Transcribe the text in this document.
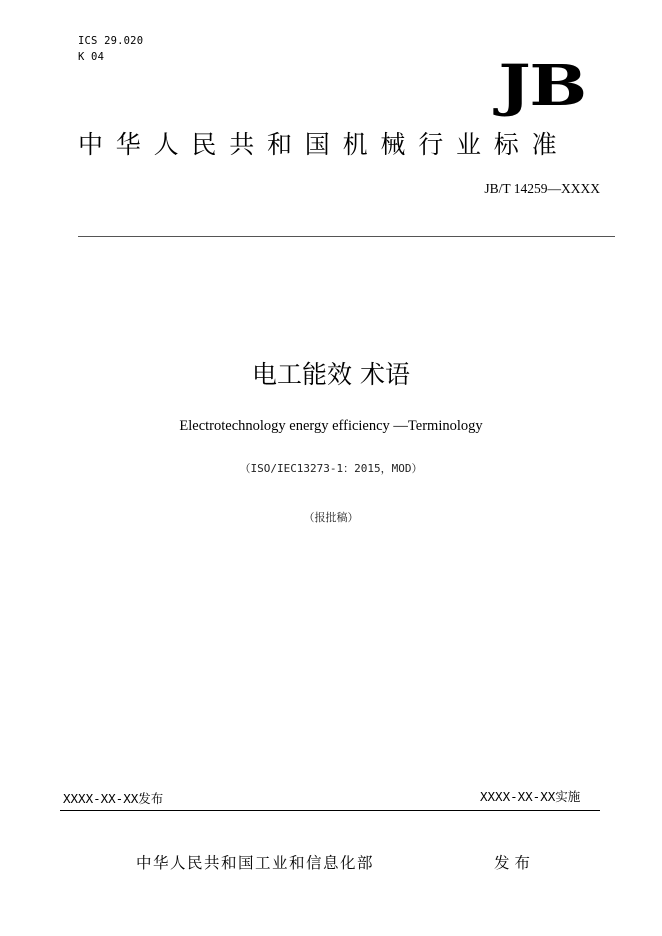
ICS 29.020
K 04	JB
中华人民共和国机械行业标准
JB/T 14259—XXXX
电工能效 术语
Electrotechnology energy efficiency —Terminology
（ISO/IEC13273-1：2015，MOD）
（报批稿）
XXXX-XX-XX发布	XXXX-XX-XX实施
中华人民共和国工业和信息化部	发布
